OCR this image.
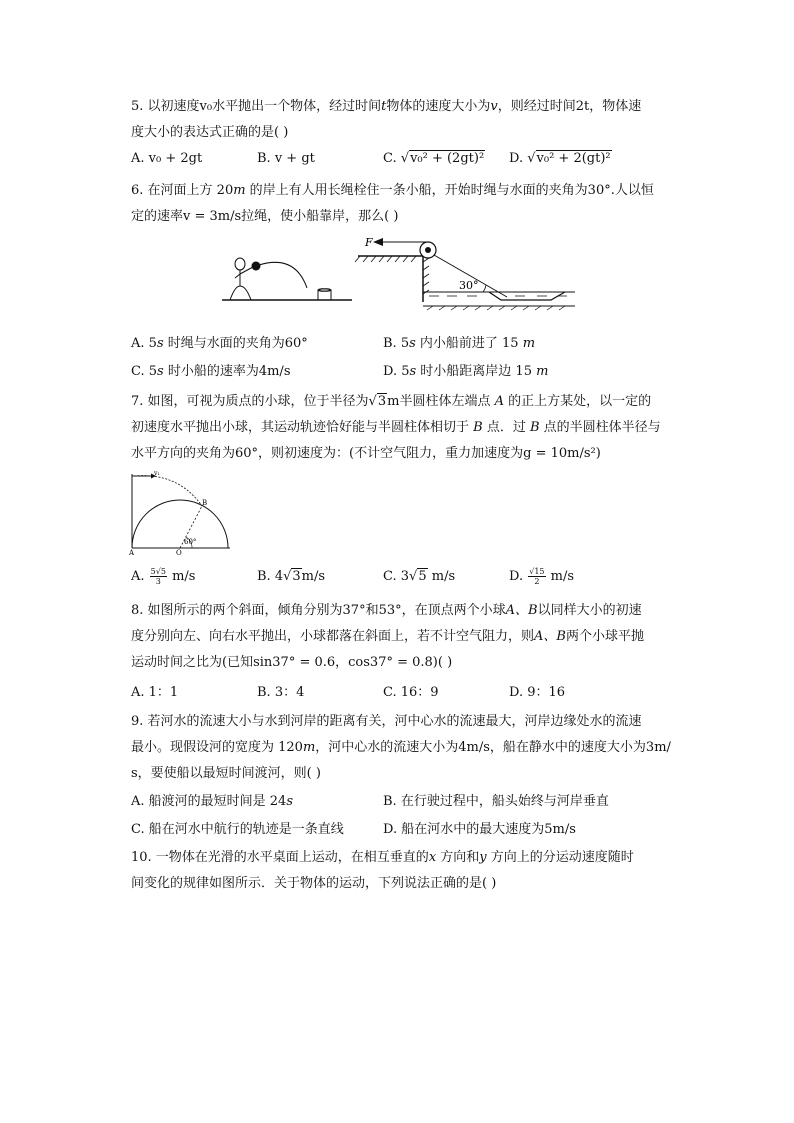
5. 以初速度v₀水平抛出一个物体，经过时间t物体的速度大小为v，则经过时间2t，物体速
度大小的表达式正确的是( )
A. v₀ + 2gt	B. v + gt	C. √v₀² + (2gt)² D. √v₀² + 2(gt)²
6. 在河面上方 20m 的岸上有人用长绳栓住一条小船，开始时绳与水面的夹角为30°.人以恒
定的速率v = 3m/s拉绳，使小船靠岸，那么( )
F
30°
A. 5s 时绳与水面的夹角为60°	B. 5s 内小船前进了 15 m
C. 5s 时小船的速率为4m/s	D. 5s 时小船距离岸边 15 m
7. 如图，可视为质点的小球，位于半径为√3m半圆柱体左端点 A 的正上方某处，以一定的
初速度水平抛出小球，其运动轨迹恰好能与半圆柱体相切于 B 点．过 B 点的半圆柱体半径与
水平方向的夹角为60°，则初速度为：(不计空气阻力，重力加速度为g = 10m/s²)
v₁
B
A	O
60°
A. $\frac{5√5}{3} m/s$	B. 4√3m/s	C. 3√5 m/s	D. $\frac{√15}{2} m/s$
8. 如图所示的两个斜面，倾角分别为37°和53°，在顶点两个小球A、B以同样大小的初速
度分别向左、向右水平抛出，小球都落在斜面上，若不计空气阻力，则A、B两个小球平抛
运动时间之比为(已知sin37° = 0.6，cos37° = 0.8)( )
A. 1：1	B. 3：4	C. 16：9	D. 9：16
9. 若河水的流速大小与水到河岸的距离有关，河中心水的流速最大，河岸边缘处水的流速
最小。现假设河的宽度为 120m，河中心水的流速大小为4m/s，船在静水中的速度大小为3m/
s，要使船以最短时间渡河，则( )
A. 船渡河的最短时间是 24s	B. 在行驶过程中，船头始终与河岸垂直
C. 船在河水中航行的轨迹是一条直线	D. 船在河水中的最大速度为5m/s
10. 一物体在光滑的水平桌面上运动，在相互垂直的x 方向和y 方向上的分运动速度随时
间变化的规律如图所示．关于物体的运动，下列说法正确的是( )
